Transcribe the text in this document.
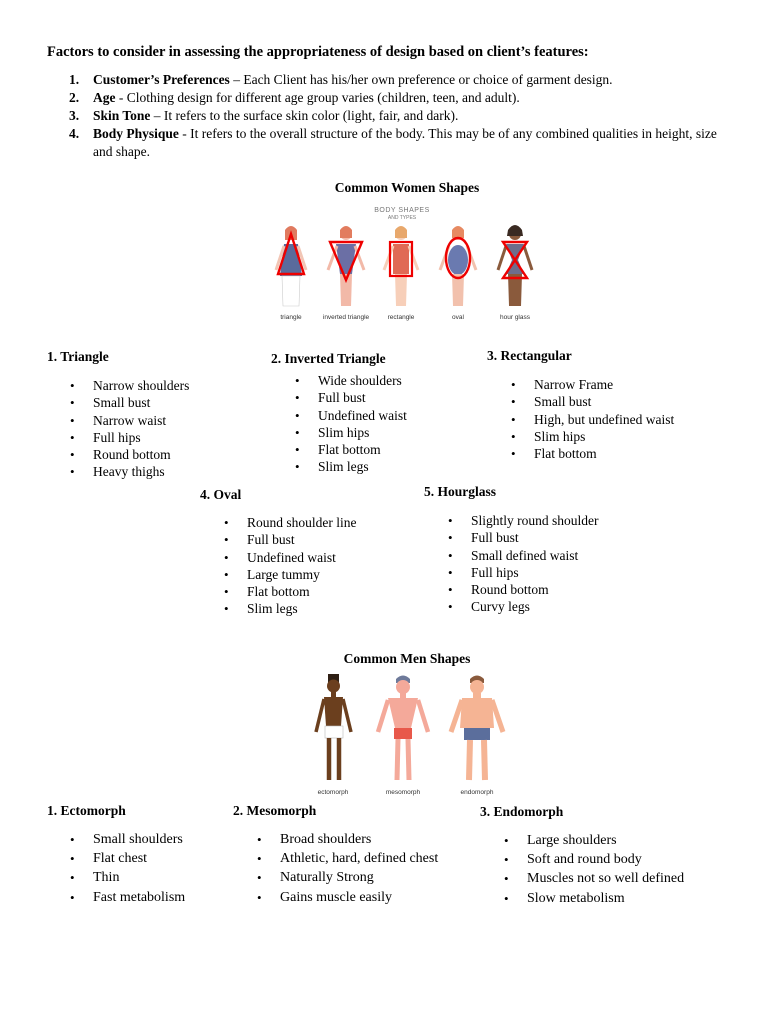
Factors to consider in assessing the appropriateness of design based on client’s features:
1. Customer’s Preferences – Each Client has his/her own preference or choice of garment design.
2. Age - Clothing design for different age group varies (children, teen, and adult).
3. Skin Tone – It refers to the surface skin color (light, fair, and dark).
4. Body Physique - It refers to the overall structure of the body. This may be of any combined qualities in height, size and shape.
Common Women Shapes
BODY SHAPES
AND TYPES
triangle	inverted triangle	rectangle	oval	hour glass
1. Triangle
• Narrow shoulders
• Small bust
• Narrow waist
• Full hips
• Round bottom
• Heavy thighs
2. Inverted Triangle
• Wide shoulders
• Full bust
• Undefined waist
• Slim hips
• Flat bottom
• Slim legs
3. Rectangular
• Narrow Frame
• Small bust
• High, but undefined waist
• Slim hips
• Flat bottom
4. Oval
• Round shoulder line
• Full bust
• Undefined waist
• Large tummy
• Flat bottom
• Slim legs
5. Hourglass
• Slightly round shoulder
• Full bust
• Small defined waist
• Full hips
• Round bottom
• Curvy legs
Common Men Shapes
ectomorph	mesomorph	endomorph
1. Ectomorph
• Small shoulders
• Flat chest
• Thin
• Fast metabolism
2. Mesomorph
• Broad shoulders
• Athletic, hard, defined chest
• Naturally Strong
• Gains muscle easily
3. Endomorph
• Large shoulders
• Soft and round body
• Muscles not so well defined
• Slow metabolism
